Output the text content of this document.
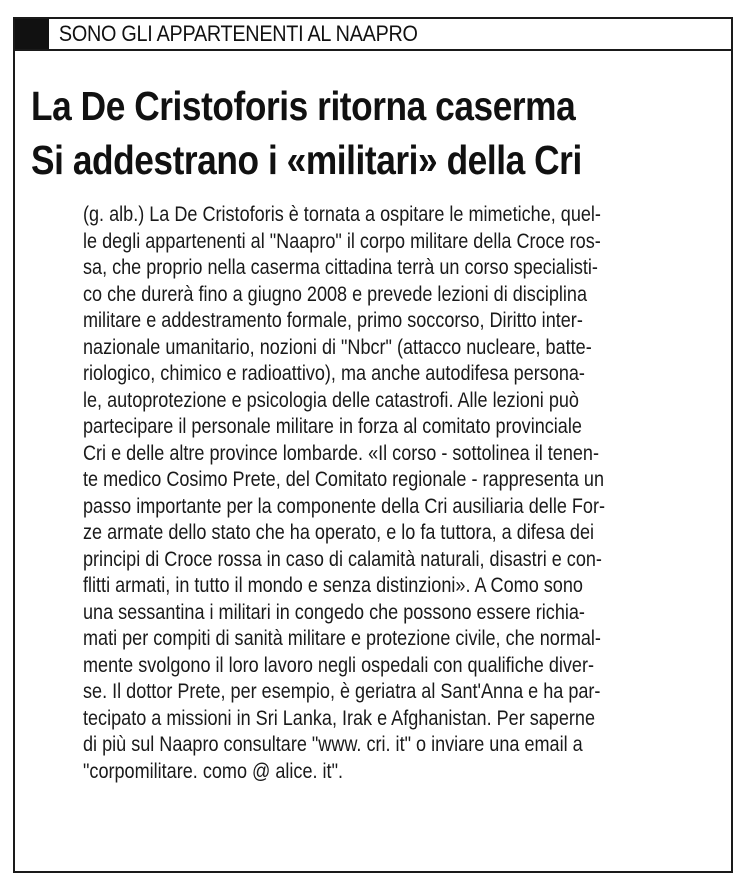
SONO GLI APPARTENENTI AL NAAPRO
La De Cristoforis ritorna caserma
Si addestrano i «militari» della Cri
(g. alb.) La De Cristoforis è tornata a ospitare le mimetiche, quel-
le degli appartenenti al "Naapro" il corpo militare della Croce ros-
sa, che proprio nella caserma cittadina terrà un corso specialisti-
co che durerà fino a giugno 2008 e prevede lezioni di disciplina
militare e addestramento formale, primo soccorso, Diritto inter-
nazionale umanitario, nozioni di "Nbcr" (attacco nucleare, batte-
riologico, chimico e radioattivo), ma anche autodifesa persona-
le, autoprotezione e psicologia delle catastrofi. Alle lezioni può
partecipare il personale militare in forza al comitato provinciale
Cri e delle altre province lombarde. «Il corso - sottolinea il tenen-
te medico Cosimo Prete, del Comitato regionale - rappresenta un
passo importante per la componente della Cri ausiliaria delle For-
ze armate dello stato che ha operato, e lo fa tuttora, a difesa dei
principi di Croce rossa in caso di calamità naturali, disastri e con-
flitti armati, in tutto il mondo e senza distinzioni». A Como sono
una sessantina i militari in congedo che possono essere richia-
mati per compiti di sanità militare e protezione civile, che normal-
mente svolgono il loro lavoro negli ospedali con qualifiche diver-
se. Il dottor Prete, per esempio, è geriatra al Sant'Anna e ha par-
tecipato a missioni in Sri Lanka, Irak e Afghanistan. Per saperne
di più sul Naapro consultare "www. cri. it" o inviare una email a
"corpomilitare. como @ alice. it".
